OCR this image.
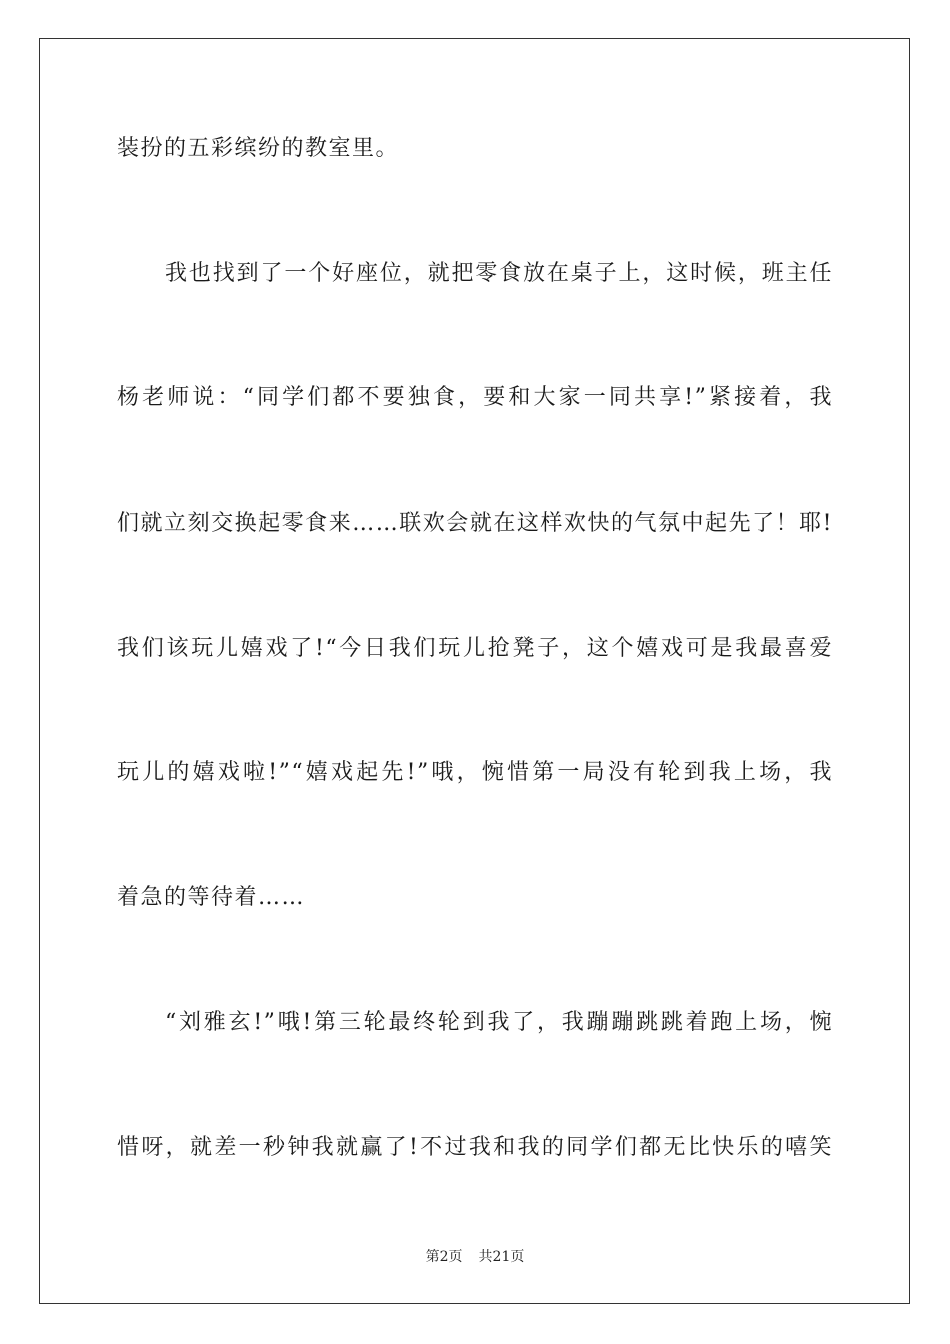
装扮的五彩缤纷的教室里。
我也找到了一个好座位，就把零食放在桌子上，这时候，班主任
杨老师说：“同学们都不要独食，要和大家一同共享!”紧接着，我
们就立刻交换起零食来……联欢会就在这样欢快的气氛中起先了！耶!
我们该玩儿嬉戏了!“今日我们玩儿抢凳子，这个嬉戏可是我最喜爱
玩儿的嬉戏啦!”“嬉戏起先!”哦，惋惜第一局没有轮到我上场，我
着急的等待着……
“刘雅玄!”哦!第三轮最终轮到我了，我蹦蹦跳跳着跑上场，惋
惜呀，就差一秒钟我就赢了!不过我和我的同学们都无比快乐的嘻笑
第2页 共21页
